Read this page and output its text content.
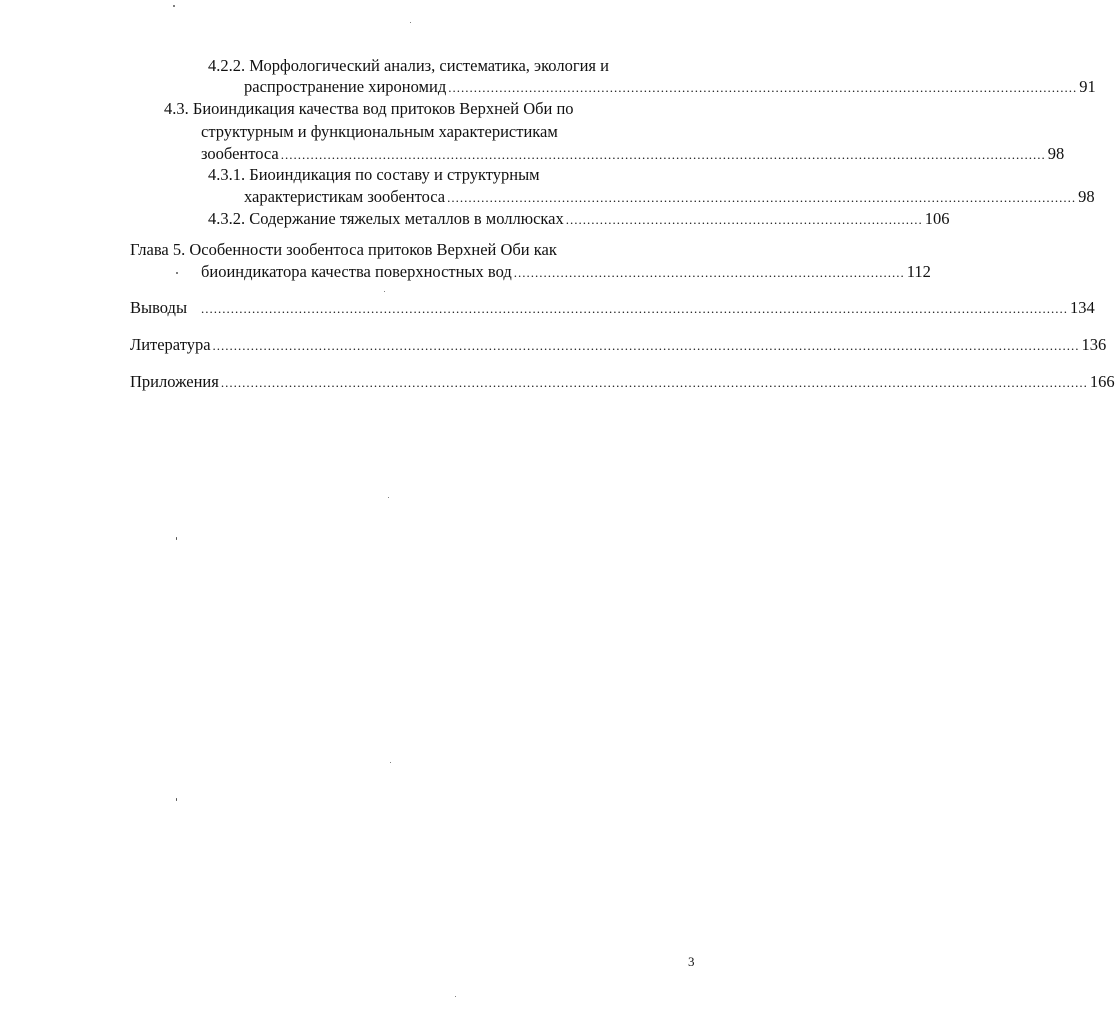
4.2.2. Морфологический анализ, систематика, экология и
распространение хирономид .................................................................................................................................................... 91
4.3. Биоиндикация качества вод притоков Верхней Оби по
структурным и функциональным характеристикам
зообентоса .................................................................................................................................................................................... 98
4.3.1. Биоиндикация по составу и структурным
характеристикам зообентоса .................................................................................................................................................... 98
4.3.2. Содержание тяжелых металлов в моллюсках .................................................................................... 106
Глава 5. Особенности зообентоса притоков Верхней Оби как
биоиндикатора качества поверхностных вод ............................................................................................ 112
Выводы ............................................................................................................................................................................................................ 134
Литература ............................................................................................................................................................................................................ 136
Приложения ............................................................................................................................................................................................................ 166
3
